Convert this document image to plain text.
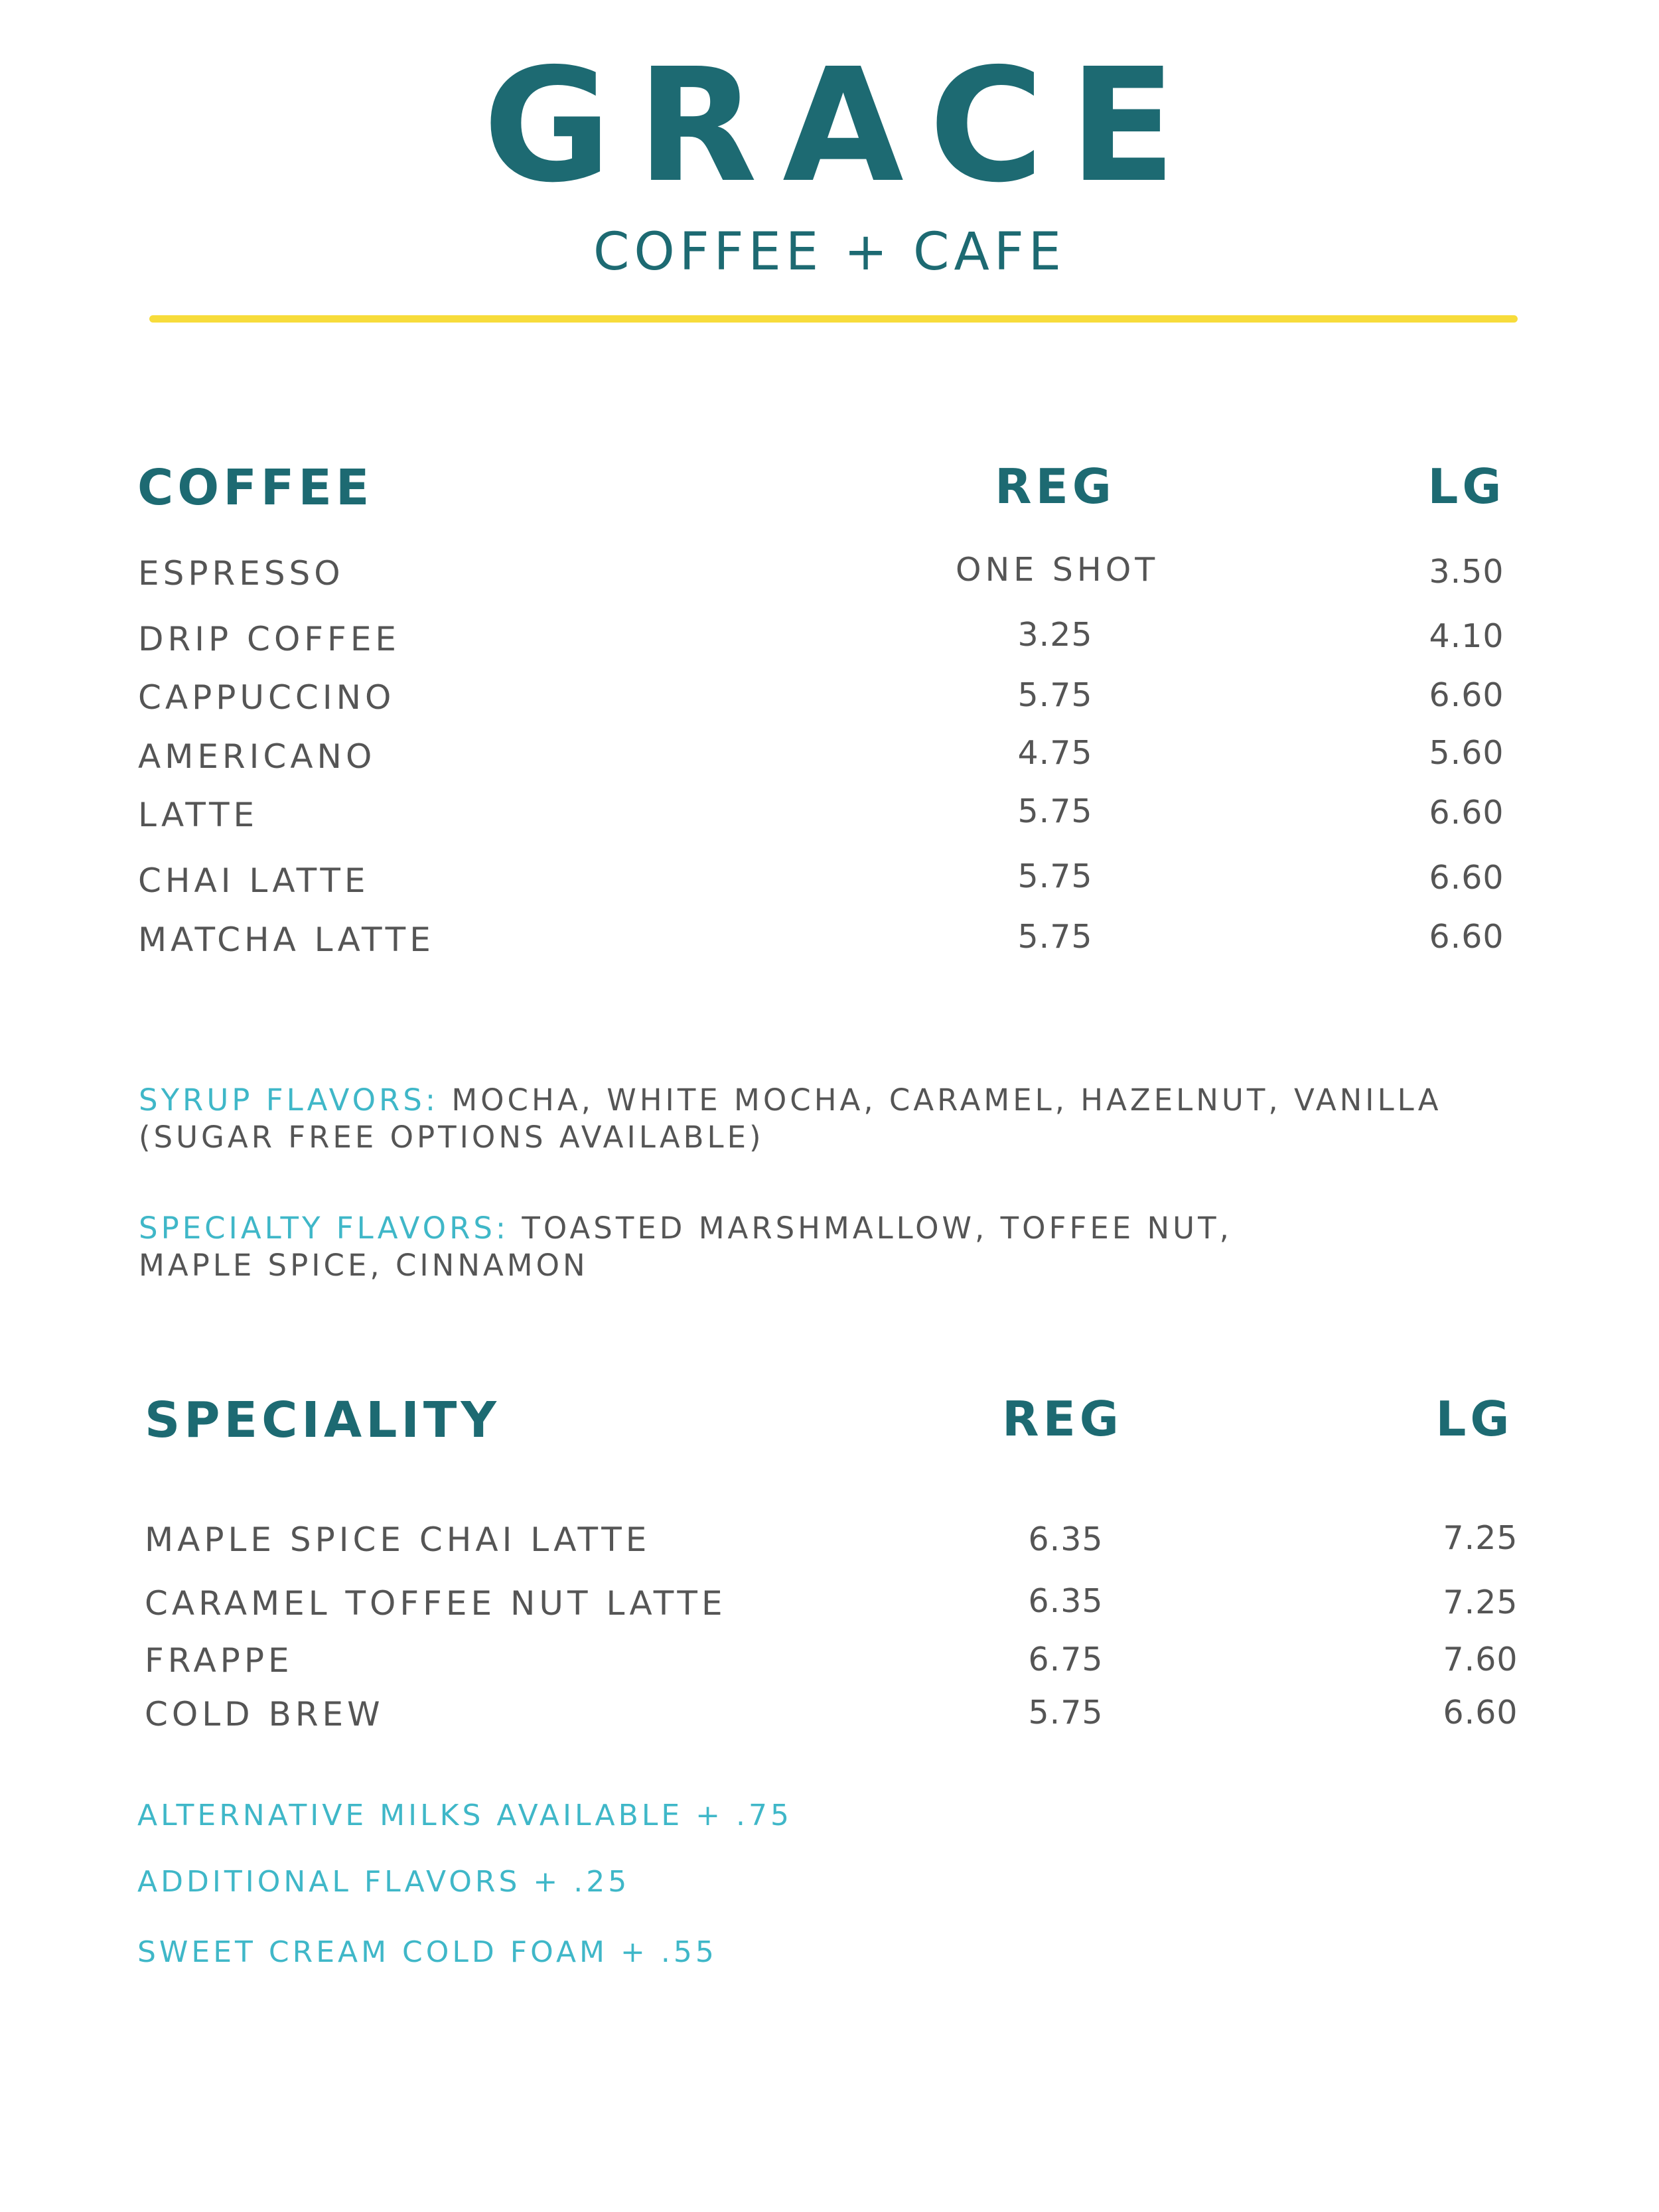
GRACE
COFFEE + CAFE
COFFEE	REG	LG
ESPRESSO	ONE SHOT	3.50
DRIP COFFEE	3.25	4.10
CAPPUCCINO	5.75	6.60
AMERICANO	4.75	5.60
LATTE	5.75	6.60
CHAI LATTE	5.75	6.60
MATCHA LATTE	5.75	6.60
SYRUP FLAVORS: MOCHA, WHITE MOCHA, CARAMEL, HAZELNUT, VANILLA
(SUGAR FREE OPTIONS AVAILABLE)
SPECIALTY FLAVORS: TOASTED MARSHMALLOW, TOFFEE NUT,
MAPLE SPICE, CINNAMON
SPECIALITY	REG	LG
MAPLE SPICE CHAI LATTE	6.35	7.25
CARAMEL TOFFEE NUT LATTE	6.35	7.25
FRAPPE	6.75	7.60
COLD BREW	5.75	6.60
ALTERNATIVE MILKS AVAILABLE + .75
ADDITIONAL FLAVORS + .25
SWEET CREAM COLD FOAM + .55
